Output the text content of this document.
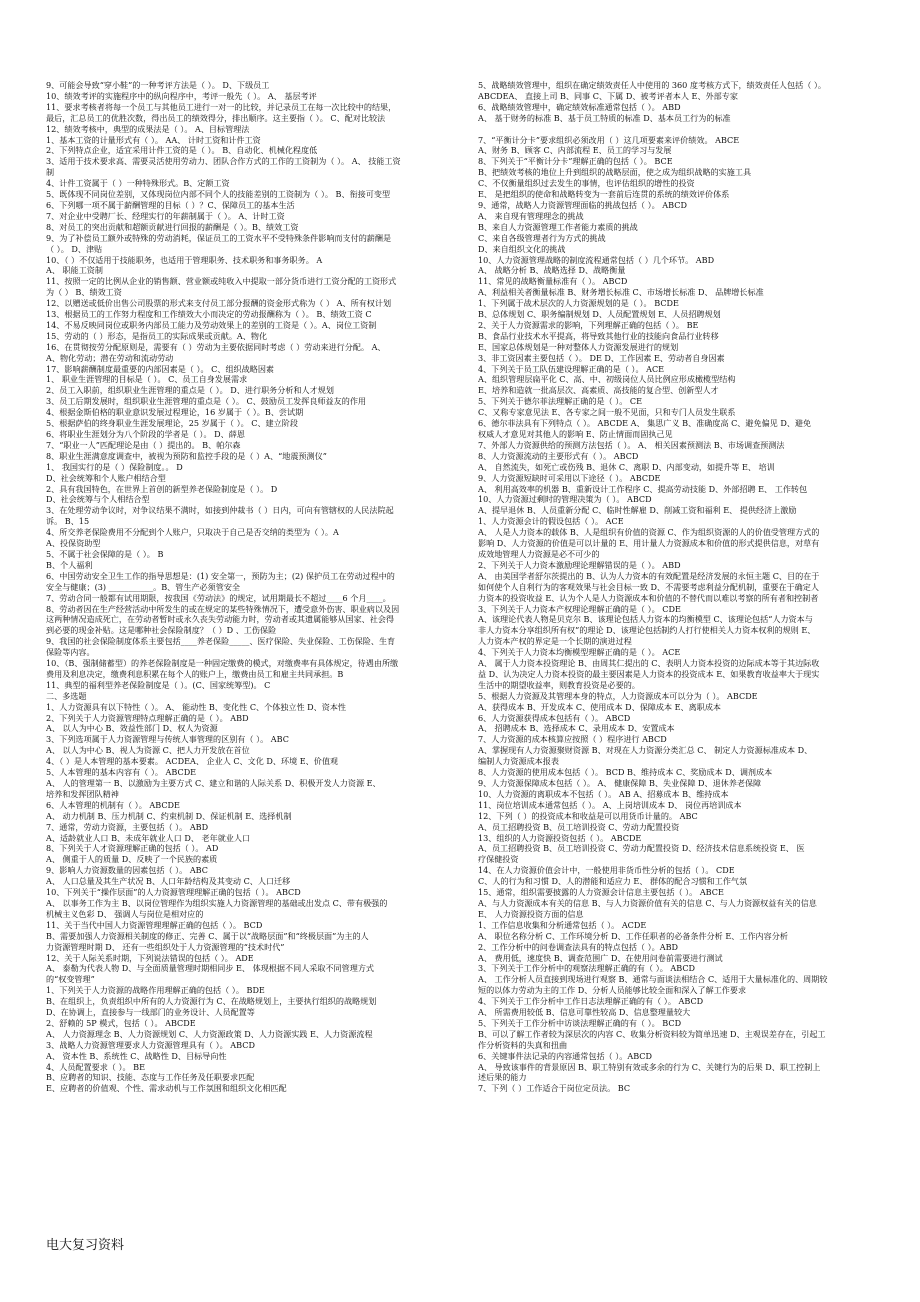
9、可能会导致“穿小鞋”的一种考评方法是（ ）。 D、下级员工
10、绩效考评的实施程序中的纵向程序中，考评一般先（ ）。 A、 基层考评
11、要求考核者将每一个员工与其他员工进行一对一的比较，并记录员工在每一次比较中的结果，
最后，汇总员工的优胜次数，得出员工的绩效得分，排出顺序。这主要指（ ）。 C、配对比较法
12、绩效考核中，典型的成果法是（ ）。 A、目标管理法
1、基本工资的计量形式有（ ）。 AA、 计时工资和计件工资
2、下列特点企业，适宜采用计件工资的是（ ）。 B、自动化、机械化程度低
3、适用于技术要求高、需要灵活使用劳动力、团队合作方式的工作的工资制为（ ）。 A、 技能工资
制
4、计件工资属于（ ）一种特殊形式。B、定额工资
5、既体现不同岗位差别，又体现岗位内部不同个人的技能差别的工资制为（ ）。 B、衔接可变型
6、下列哪一项不属于薪酬管理的目标（ ）？C、保障员工的基本生活
7、对企业中受聘厂长、经理实行的年薪制属于（ ）。 A、计时工资
8、对员工的突出贡献和超额贡献进行回报的薪酬是（ ）。B、绩效工资
9、为了补偿员工额外或特殊的劳动消耗，保证员工的工资水平不受特殊条件影响而支付的薪酬是
（ ）。 D、津贴
10、（ ）不仅适用于技能职务，也适用于管理职务、技术职务和事务职务。 A
A、 职能工资制
11、按照一定的比例从企业的销售额、营业额或纯收入中提取一部分货币进行工资分配的工资形式
为（ ） B、绩效工资
12、以赠送或低价出售公司股票的形式来支付员工部分报酬的资金形式称为（ ） A、所有权计划
13、根据员工的工作努力程度和工作绩效大小而决定的劳动报酬称为（ ）。 B、绩效工资 C
14、不易反映同岗位或职务内部员工能力及劳动效果上的差别的工资是（ ）。A、岗位工资制
15、劳动的（ ）形态，是指员工的实际成果或贡献。A、物化
16、在贯彻按劳分配原则是，需要有（ ）劳动为主要依据同时考虑（ ）劳动来进行分配。 A、
A、物化劳动；潜在劳动和流动劳动
17、影响薪酬制度最重要的内部因素是（ ）。 C、组织战略因素
1、 职业生涯管理的目标是（ ）。 C、员工自身发展需求
2、员工入职前，组织职业生涯管理的重点是（ ）。 D、进行职务分析和人才规划
3、员工后期发展时，组织职业生涯管理的重点是（ ）。 C、鼓励员工发挥良师益友的作用
4、根据金斯伯格的职业意识发展过程理论，16 岁属于（ ）。B、尝试期
5、根据萨伯的终身职业生涯发展理论，25 岁属于（ ）。 C、建立阶段
6、将职业生涯划分为八个阶段的学者是（ ）。 D、薛恩
7、“职业一人”匹配理论是由（ ）提出的。 B、帕尔森
8、职业生涯满意度调查中，被视为预防和监控手段的是（ ）A、“地震预测仪”
1、 我国实行的是（ ）保险制度。。 D
D、社会统筹和个人账户相结合型
2、具有我国特色，在世界上首创的新型养老保险制度是（ ）。 D
D、社会统筹与个人相结合型
3、在处理劳动争议时，对争议结果不满时，如接到仲裁书（ ）日内，可向有管辖权的人民法院起
诉。 B、15
4、所交养老保险费用不分配到个人账户，只取决于自己是否交纳的类型为（ ）。A
A、投保资助型
5、不属于社会保障的是（ ）。 B
B、个人福利
6、中国劳动安全卫生工作的指导思想是：(1) 安全第一，预防为主；(2) 保护员工在劳动过程中的
安全与健康；(3) ___________。B、管生产必须管安全
7、劳动合同一般都有试用期限，按我国《劳动法》的规定，试用期最长不超过____6 个月____。
8、劳动者因在生产经营活动中所发生的或在规定的某些特殊情况下，遭受意外伤害、职业病以及因
这两种情况造成死亡，在劳动者暂时或永久丧失劳动能力时，劳动者或其遗属能够从国家、社会得
到必要的现金补贴。这是哪种社会保险制度？（ ）D 、工伤保险
9、我国的社会保险制度体系主要包括____养老保险_____、医疗保险、失业保险、工伤保险、生育
保险等内容。
10、（B、强制储蓄型）的养老保险制度是一种固定缴费的模式，对缴费率有具体规定，待遇由所缴
费用及利息决定，缴费利息积累在每个人的账户上，缴费由员工和雇主共同承担。B
11、典型的福利型养老保险制度是（ ）。(C、国家统筹型)。 C
二、多选题
1、人力资源具有以下特性（ ）。 A、 能动性 B、变化性 C、个体独立性 D、资本性
2、下列关于人力资源管理特点理解正确的是（ ）。 ABD
A、 以人为中心 B、效益性部门 D、权人为资源
3、下列选项属于人力资源管理与传统人事管理的区别有（ ）。 ABC
A、 以人为中心 B、视人为资源 C、把人力开发放在首位
4、（ ）是人本管理的基本要素。 ACDEA、 企业人 C、文化 D、环境 E、价值观
5、人本管理的基本内容有（ ）。 ABCDE
A、 人的管理第一 B、以激励为主要方式 C、建立和谐的人际关系 D、积极开发人力资源 E、
培养和发挥团队精神
6、人本管理的机制有（ ）。 ABCDE
A、 动力机制 B、压力机制 C、约束机制 D、保证机制 E、选择机制
7、通常，劳动力资源，主要包括（ ）。 ABD
A、适龄就业人口 B、未成年就业人口 D、 老年就业人口
8、下列关于人才资源理解正确的包括（ ）。 AD
A、 侧重于人的质量 D、反映了一个民族的素质
9、影响人力资源数量的因素包括（ ）。 ABC
A、 人口总量及其生产状况 B、人口年龄结构及其变动 C、人口迁移
10、下列关于“操作层面”的人力资源管理理解正确的包括（ ）。 ABCD
A、 以事务工作为主 B、以岗位管理作为组织实施人力资源管理的基础或出发点 C、带有极强的
机械主义色彩 D、 强调人与岗位是相对应的
11、关于当代中国人力资源管理理解正确的包括（ ）。 BCD
B、需要加强人力资源相关制度的修正、完善 C、属于以“战略层面”和“终极层面”为主的人
力资源管理时期 D、 还有一些组织处于人力资源管理的“技术时代”
12、关于人际关系时期，下列说法错误的包括（ ）。 ADE
A、 泰勒为代表人物 D、与全面质量管理时期相同步 E、 体现根据不同人采取不同管理方式
的“权变管理”
1、下列关于人力资源的战略作用理解正确的包括（ ）。 BDE
B、在组织上，负责组织中所有的人力资源行为 C、在战略规划上，主要执行组织的战略规划
D、在协调上，直接参与一线部门的业务设计、人员配置等
2、舒赖的 5P 模式，包括（ ）。 ABCDE
A、 人力资源理念 B、人力资源规划 C、人力资源政策 D、人力资源实践 E、人力资源流程
3、战略人力资源管理要求人力资源管理具有（ ）。 ABCD
A、 资本性 B、系统性 C、战略性 D、目标导向性
4、人员配置要求（ ）。 BE
B、应聘者的知识、技能、态度与工作任务及任职要求匹配
E、应聘者的价值观、个性、需求动机与工作氛围和组织文化相匹配
5、战略绩效管理中，组织在确定绩效责任人中使用的 360 度考核方式下，绩效责任人包括（ ）。
ABCDEA、 直接上司 B、同事 C、下属 D、被考评者本人 E、外部专家
6、战略绩效管理中，确定绩效标准通常包括（ ）。 ABD
A、 基于财务的标准 B、基于员工特质的标准 D、基本员工行为的标准

7、“平衡计分卡”要求组织必须改用（ ）这几项要素来评价绩效。 ABCE
A、财务 B、顾客 C、内部流程 E、员工的学习与发展
8、下列关于“平衡计分卡”理解正确的包括（ ）。 BCE
B、把绩效考核的地位上升到组织的战略层面，使之成为组织战略的实施工具
C、不仅衡量组织过去发生的事情，也评估组织的增性的投资
E、 是把组织的使命和战略转变为一套前后连贯的系统的绩效评价体系
9、通常，战略人力资源管理面临的挑战包括（ ）。 ABCD
A、 来自现有管理理念的挑战
B、来自人力资源管理工作者能力素质的挑战
C、来自各级管理者行为方式的挑战
D、来自组织文化的挑战
10、人力资源管理战略的制度流程通常包括（ ）几个环节。 ABD
A、 战略分析 B、战略选择 D、战略衡量
11、常见的战略衡量标准有（ ）。 ABCD
A、利益相关者衡量标准 B、财务增长标准 C、市场增长标准 D、 品牌增长标准
1、下列属于战术层次的人力资源规划的是（ ）。 BCDE
B、总体规划 C、职务编制规划 D、人员配置规划 E、人员招聘规划
2、关于人力资源需求的影响，下列理解正确的包括（ ）。 BE
B、食品行业技术水平提高，将导致其他行业的技能向食品行业转移
E、国家总体规划是一种对整体人力资源发展进行的规划
3、非工资因素主要包括（ ）。 DE D、工作因素 E、劳动者自身因素
4、下列关于员工队伍建设理解正确的是（ ）。 ACE
A、组织管理层扁平化 C、高、中、初级岗位人员比例应形成橄榄型结构
E、培养和造就一批高层次、高素质、高技能的复合型、创新型人才
5、下列关于德尔菲法理解正确的是（ ）。 CE
C、又称专家意见法 E、各专家之间一般不见面，只和专门人员发生联系
6、德尔菲法具有下列特点（ ）。 ABCDE A、 集思广义 B、准确度高 C、避免偏见 D、避免
权威人才意见对其他人的影响 E、防止情面而固执己见
7、外部人力资源供给的预测方法包括（ ）。 A、 相关因素预测法 B、市场调查预测法
8、人力资源流动的主要形式有（ ）。 ABCD
A、 自然流失，如死亡或伤残 B、退休 C、离职 D、内部变动，如提升等 E、 培训
9、人力资源短缺时可采用以下途径（ ）。 ABCDE
A、 利用高效率的机器 B、重新设计工作程序 C、提高劳动技能 D、外部招聘 E、 工作转包
10、人力资源过剩时的管理决策为（ ）。 ABCD
A、提早退休 B、人员重新分配 C、临时性解雇 D、削减工资和福利 E、 提供经济上激励
1、人力资源会计的假设包括（ ）。 ACE
A、 人是人力资本的载体 B、人是组织有价值的资源 C、作为组织资源的人的价值受管理方式的
影响 D、人力资源的价值是可以计量的 E、用计量人力资源成本和价值的形式提供信息，对草有
成效地管理人力资源是必不可少的
2、下列关于人力资本激励理论理解错误的是（ ）。 ABD
A、 由美国学者舒尔茨提出的 B、认为人力资本的有效配置是经济发展的永恒主题 C、目的在于
如何使个人自利行为的客观效果与社会目标一致 D、不需要考虑利益分配机制，重要在于确定人
力资本的投资收益 E、认为个人是人力资源成本和价值的不替代而以难以考察的所有者和控制者
3、下列关于人力资本产权理论理解正确的是（ ）。 CDE
A、该理论代表人物是贝克尔 B、该理论包括人力资本的均衡模型 C、该理论包括“人力资本与
非人力资本分享组织所有权”的理论 D、该理论包括制约人打行使相关人力资本权利的规则 E、
人力资本产权的界定是一个长期的演进过程
4、下列关于人力资本均衡模型理解正确的是（ ）。 ACE
A、 属于人力资本投资理论 B、由周其仁提出的 C、表明人力资本投资的边际成本等于其边际收
益 D、认为决定人力资本投资的最主要因素是人力资本的投资成本 E、如果教育收益率大于现实
生活中的期望收益率，则教育投资是必要的。
5、根据人力资源及其管理本身的特点，人力资源成本可以分为（ ）。 ABCDE
A、获得成本 B、开发成本 C、使用成本 D、保障成本 E、离职成本
6、人力资源获得成本包括有（ ）。 ABCD
A、 招聘成本 B、选择成本 C、录用成本 D、安置成本
7、人力资源的成本核算应按照（ ）程序进行 ABCD
A、掌握现有人力资源聚财资源 B、对现在人力资源分类汇总 C、 制定人力资源标准成本 D、
编制人力资源成本报表
8、人力资源的使用成本包括（ ）。 BCD B、维持成本 C、奖励成本 D、调剂成本
9、人力资源保障成本包括（ ）。 A、 健康保障 B、失业保障 D、退休养老保障
10、人力资源的离职成本不包括（ ）。 AB A、招募成本 B、维持成本
11、岗位培训成本通常包括（ ）。 A、上岗培训成本 D、 岗位再培训成本
12、下列（ ）的投资成本和收益是可以用货币计量的。 ABC
A、员工招聘投资 B、员工培训投资 C、劳动力配置投资
13、组织的人力资源投资包括（ ）。 ABCDE
A、员工招聘投资 B、员工培训投资 C、劳动力配置投资 D、经济技术信息系统投资 E、 医
疗保健投资
14、在人力资源价值会计中，一般使用非货币性分析的包括（ ）。 CDE
C、人的行为和习惯 D、人的潜能和适应力 E、 群体的配合习惯和工作气氛
15、通常，组织需要披露的人力资源会计信息主要包括（ ）。 ABCE
A、与人力资源成本有关的信息 B、与人力资源价值有关的信息 C、与人力资源权益有关的信息
E、 人力资源投资方面的信息
1、工作信息收集和分析通常包括（ ）。 ACDE
A、 职位名称分析 C、工作环境分析 D、工作任职者的必备条件分析 E、工作内容分析
2、工作分析中的问卷调查法具有的特点包括（ ）。ABD
A、 费用低，速度快 B、调查范围广 D、在使用问卷前需要进行测试
3、下列关于工作分析中的观察法理解正确的有（ ）。 ABCD
A、 工作分析人员直接到现场进行观察 B、通常与面谈法相结合 C、适用于大量标准化的、周期较
短的以体力劳动为主的工作 D、分析人员能够比较全面和深入了解工作要求
4、下列关于工作分析中工作日志法理解正确的有（ ）。 ABCD
A、 所需费用较低 B、信息可靠性较高 D、信息整理量较大
5、下列关于工作分析中访谈法理解正确的有（ ）。 BCD
B、可以了解工作者较为深层次的内容 C、收集分析资料较为简单迅速 D、主观误差存在，引起工
作分析资料的失真和扭曲
6、关键事件法记录的内容通常包括（ ）。ABCD
A、 导致该事件的背景原因 B、职工特别有效或多余的行为 C、关键行为的后果 D、职工控制上
述后果的能力
7、下列（ ）工作适合于岗位定员法。 BC
电大复习资料
